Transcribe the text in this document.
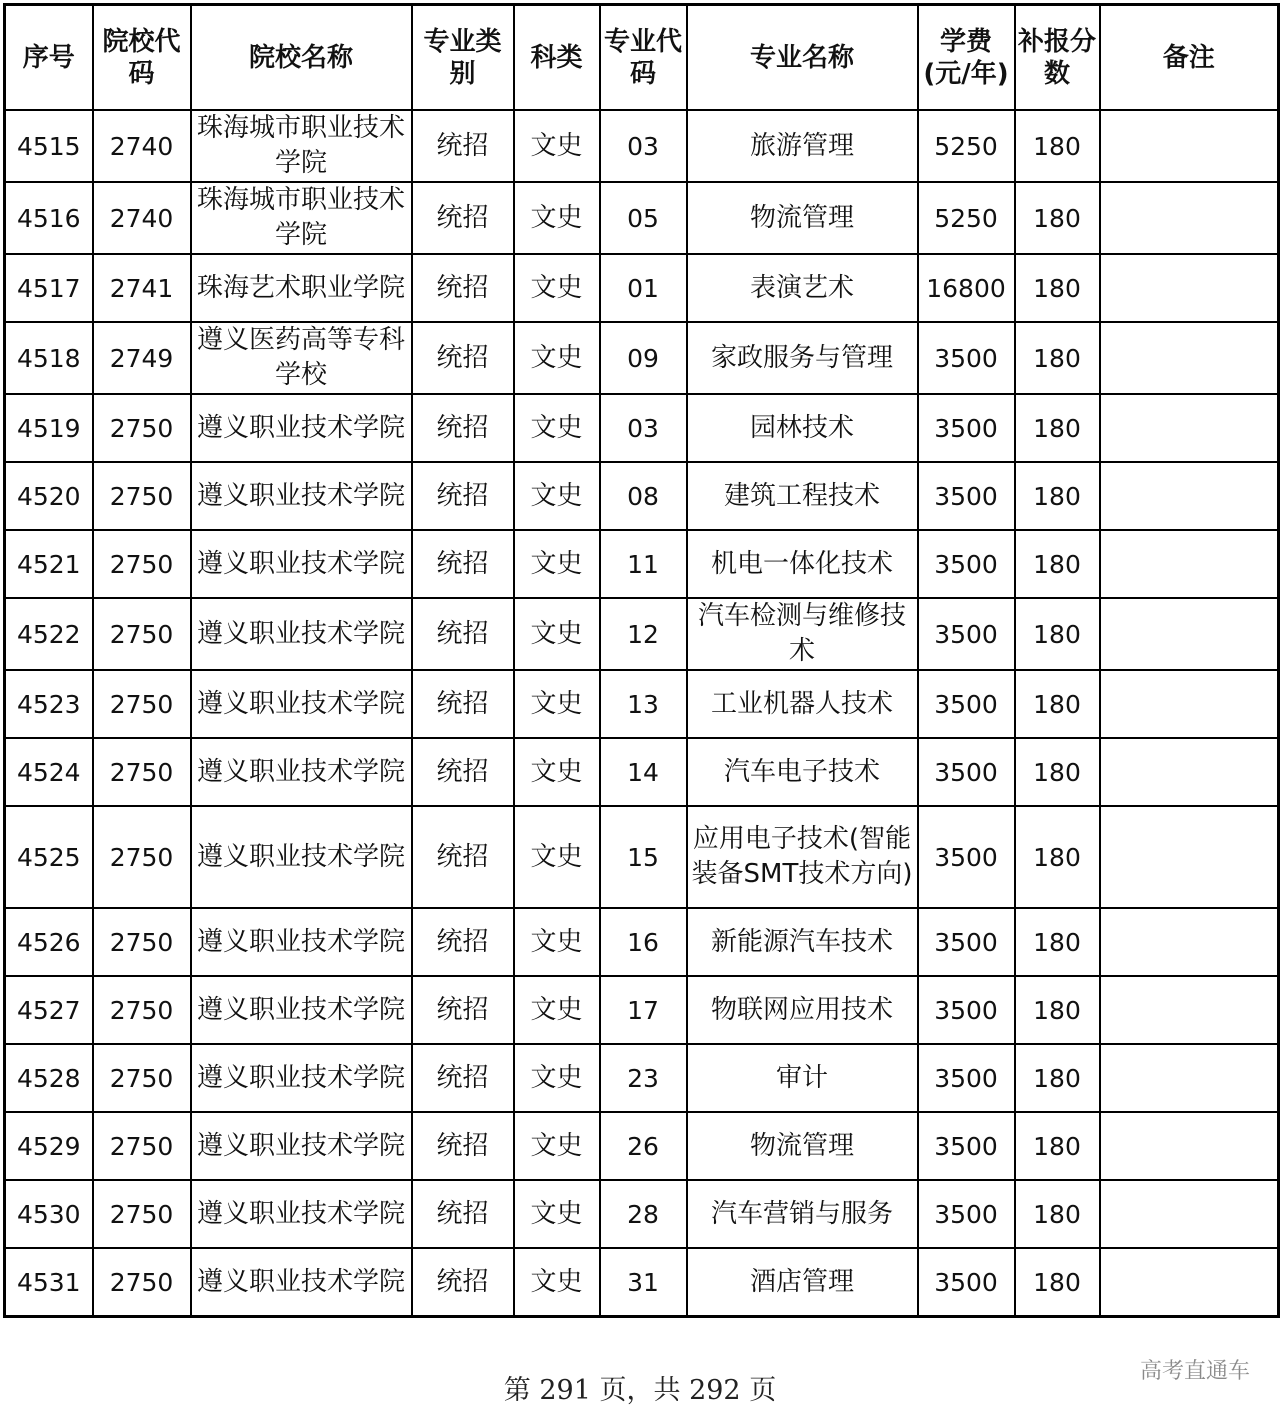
序号	院校代码	院校名称	专业类别	科类	专业代码	专业名称	学费(元/年)	补报分数	备注
4515	2740	珠海城市职业技术学院	统招	文史	03	旅游管理	5250	180	
4516	2740	珠海城市职业技术学院	统招	文史	05	物流管理	5250	180	
4517	2741	珠海艺术职业学院	统招	文史	01	表演艺术	16800	180	
4518	2749	遵义医药高等专科学校	统招	文史	09	家政服务与管理	3500	180	
4519	2750	遵义职业技术学院	统招	文史	03	园林技术	3500	180	
4520	2750	遵义职业技术学院	统招	文史	08	建筑工程技术	3500	180	
4521	2750	遵义职业技术学院	统招	文史	11	机电一体化技术	3500	180	
4522	2750	遵义职业技术学院	统招	文史	12	汽车检测与维修技术	3500	180	
4523	2750	遵义职业技术学院	统招	文史	13	工业机器人技术	3500	180	
4524	2750	遵义职业技术学院	统招	文史	14	汽车电子技术	3500	180	
4525	2750	遵义职业技术学院	统招	文史	15	应用电子技术(智能装备SMT技术方向)	3500	180	
4526	2750	遵义职业技术学院	统招	文史	16	新能源汽车技术	3500	180	
4527	2750	遵义职业技术学院	统招	文史	17	物联网应用技术	3500	180	
4528	2750	遵义职业技术学院	统招	文史	23	审计	3500	180	
4529	2750	遵义职业技术学院	统招	文史	26	物流管理	3500	180	
4530	2750	遵义职业技术学院	统招	文史	28	汽车营销与服务	3500	180	
4531	2750	遵义职业技术学院	统招	文史	31	酒店管理	3500	180	
第 291 页，共 292 页
高考直通车
